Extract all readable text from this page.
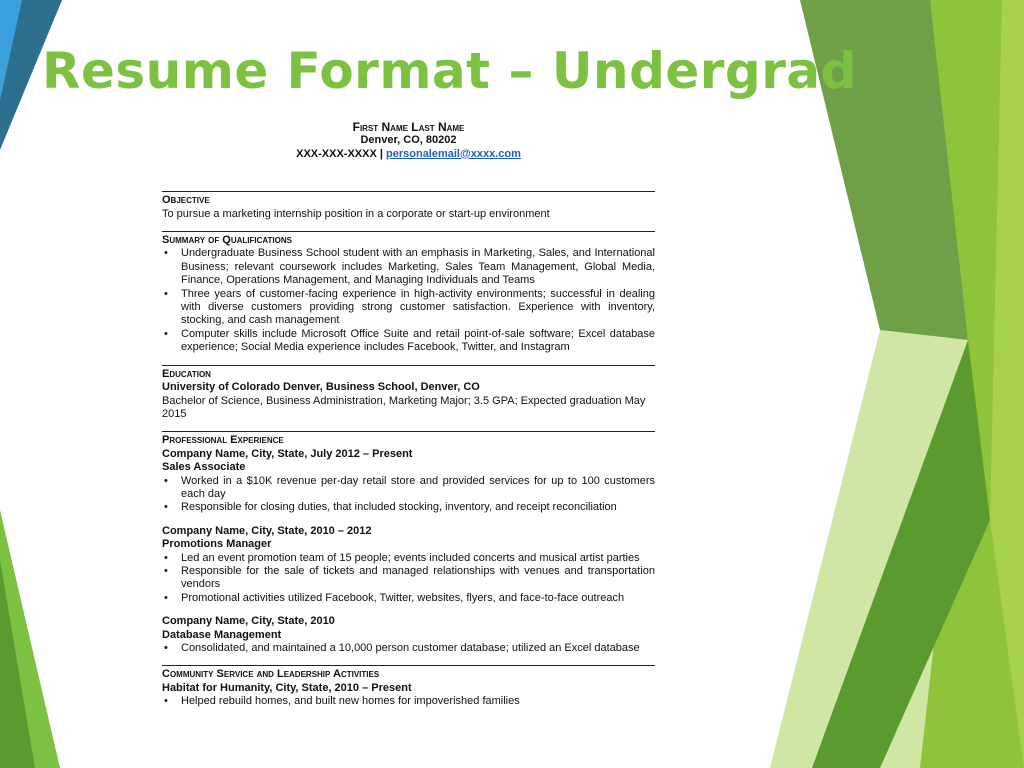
Resume Format – Undergrad
First Name Last Name
Denver, CO, 80202
XXX-XXX-XXXX | personalemail@xxxx.com
Objective
To pursue a marketing internship position in a corporate or start-up environment
Summary of Qualifications
• Undergraduate Business School student with an emphasis in Marketing, Sales, and International Business; relevant coursework includes Marketing, Sales Team Management, Global Media, Finance, Operations Management, and Managing Individuals and Teams
• Three years of customer-facing experience in high-activity environments; successful in dealing with diverse customers providing strong customer satisfaction. Experience with inventory, stocking, and cash management
• Computer skills include Microsoft Office Suite and retail point-of-sale software; Excel database experience; Social Media experience includes Facebook, Twitter, and Instagram
Education
University of Colorado Denver, Business School, Denver, CO
Bachelor of Science, Business Administration, Marketing Major; 3.5 GPA; Expected graduation May 2015
Professional Experience
Company Name, City, State, July 2012 – Present
Sales Associate
• Worked in a $10K revenue per-day retail store and provided services for up to 100 customers each day
• Responsible for closing duties, that included stocking, inventory, and receipt reconciliation
Company Name, City, State, 2010 – 2012
Promotions Manager
• Led an event promotion team of 15 people; events included concerts and musical artist parties
• Responsible for the sale of tickets and managed relationships with venues and transportation vendors
• Promotional activities utilized Facebook, Twitter, websites, flyers, and face-to-face outreach
Company Name, City, State, 2010
Database Management
• Consolidated, and maintained a 10,000 person customer database; utilized an Excel database
Community Service and Leadership Activities
Habitat for Humanity, City, State, 2010 – Present
• Helped rebuild homes, and built new homes for impoverished families
